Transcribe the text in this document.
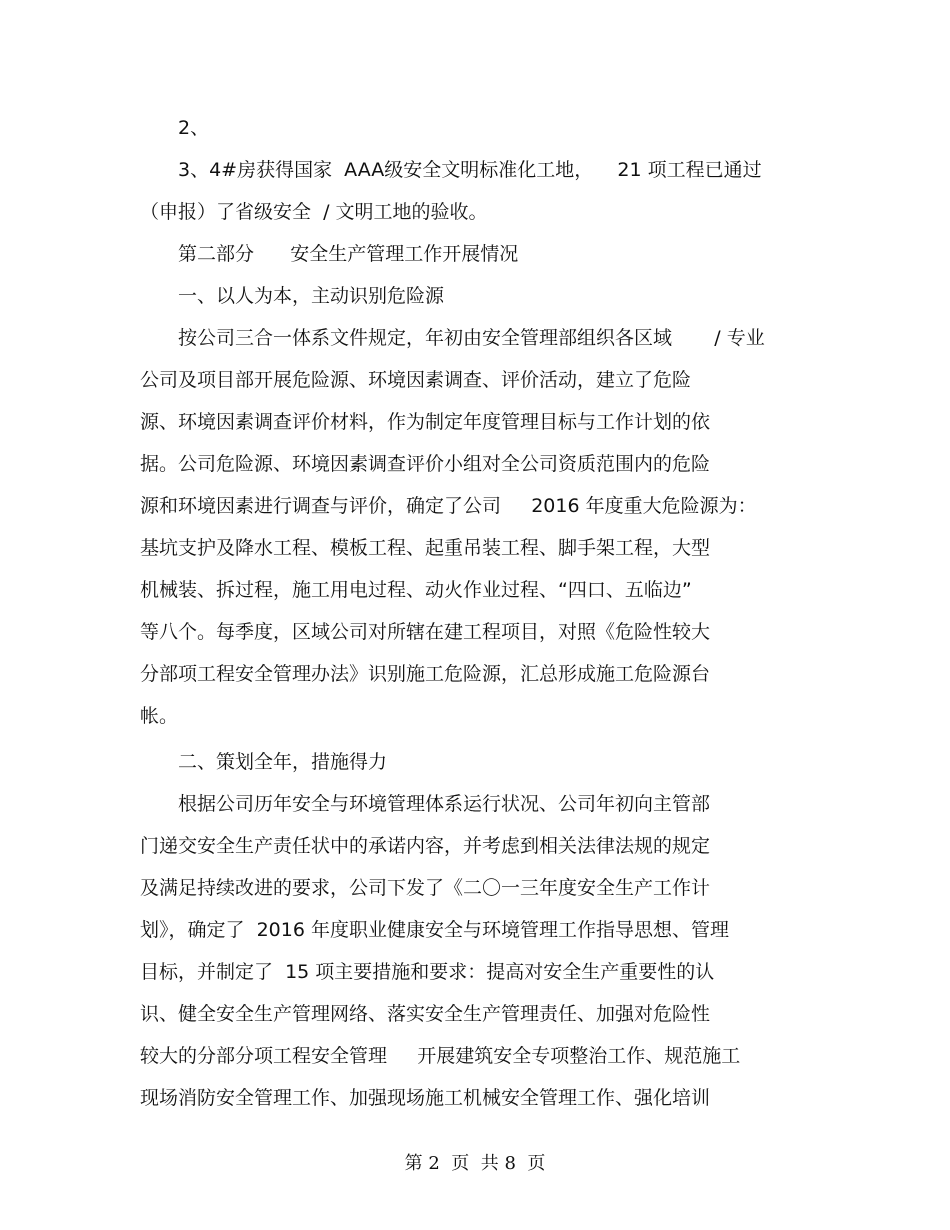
　　2、
　　3、4#房获得国家  AAA级安全文明标准化工地，    21 项工程已通过
（申报）了省级安全  / 文明工地的验收。
　　第二部分      安全生产管理工作开展情况
　　一、以人为本，主动识别危险源
　　按公司三合一体系文件规定，年初由安全管理部组织各区域       / 专业
公司及项目部开展危险源、环境因素调查、评价活动，建立了危险
源、环境因素调查评价材料，作为制定年度管理目标与工作计划的依
据。公司危险源、环境因素调查评价小组对全公司资质范围内的危险
源和环境因素进行调查与评价，确定了公司     2016 年度重大危险源为：
基坑支护及降水工程、模板工程、起重吊装工程、脚手架工程，大型
机械装、拆过程，施工用电过程、动火作业过程、“四口、五临边”
等八个。每季度，区域公司对所辖在建工程项目，对照《危险性较大
分部项工程安全管理办法》识别施工危险源，汇总形成施工危险源台
帐。
　　二、策划全年，措施得力
　　根据公司历年安全与环境管理体系运行状况、公司年初向主管部
门递交安全生产责任状中的承诺内容，并考虑到相关法律法规的规定
及满足持续改进的要求，公司下发了《二〇一三年度安全生产工作计
划》，确定了  2016 年度职业健康安全与环境管理工作指导思想、管理
目标，并制定了  15 项主要措施和要求：提高对安全生产重要性的认
识、健全安全生产管理网络、落实安全生产管理责任、加强对危险性
较大的分部分项工程安全管理     开展建筑安全专项整治工作、规范施工
现场消防安全管理工作、加强现场施工机械安全管理工作、强化培训
第 2  页  共 8  页
